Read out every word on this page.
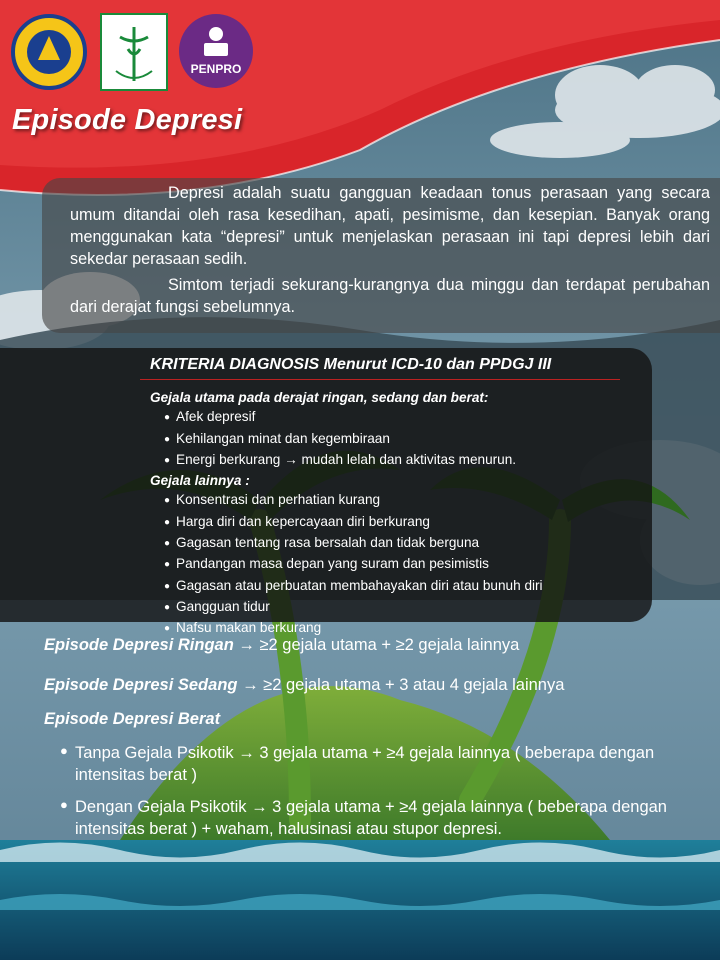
PENPRO
Episode Depresi

Depresi adalah suatu gangguan keadaan tonus perasaan yang secara umum ditandai oleh rasa kesedihan, apati, pesimisme, dan kesepian. Banyak orang menggunakan kata “depresi” untuk menjelaskan perasaan ini tapi depresi lebih dari sekedar perasaan sedih.

Simtom terjadi sekurang-kurangnya dua minggu dan terdapat perubahan dari derajat fungsi sebelumnya.

KRITERIA DIAGNOSIS Menurut ICD-10 dan PPDGJ III
Gejala utama pada derajat ringan, sedang dan berat:
● Afek depresif
● Kehilangan minat dan kegembiraan
● Energi berkurang → mudah lelah dan aktivitas menurun.
Gejala lainnya :
● Konsentrasi dan perhatian kurang
● Harga diri dan kepercayaan diri berkurang
● Gagasan tentang rasa bersalah dan tidak berguna
● Pandangan masa depan yang suram dan pesimistis
● Gagasan atau perbuatan membahayakan diri atau bunuh diri
● Gangguan tidur
● Nafsu makan berkurang
Episode Depresi Ringan → ≥2 gejala utama + ≥2 gejala lainnya
Episode Depresi Sedang → ≥2 gejala utama + 3 atau 4 gejala lainnya
Episode Depresi Berat
● Tanpa Gejala Psikotik → 3 gejala utama + ≥4 gejala lainnya ( beberapa dengan intensitas berat )
● Dengan Gejala Psikotik → 3 gejala utama + ≥4 gejala lainnya ( beberapa dengan intensitas berat ) + waham, halusinasi atau stupor depresi.
